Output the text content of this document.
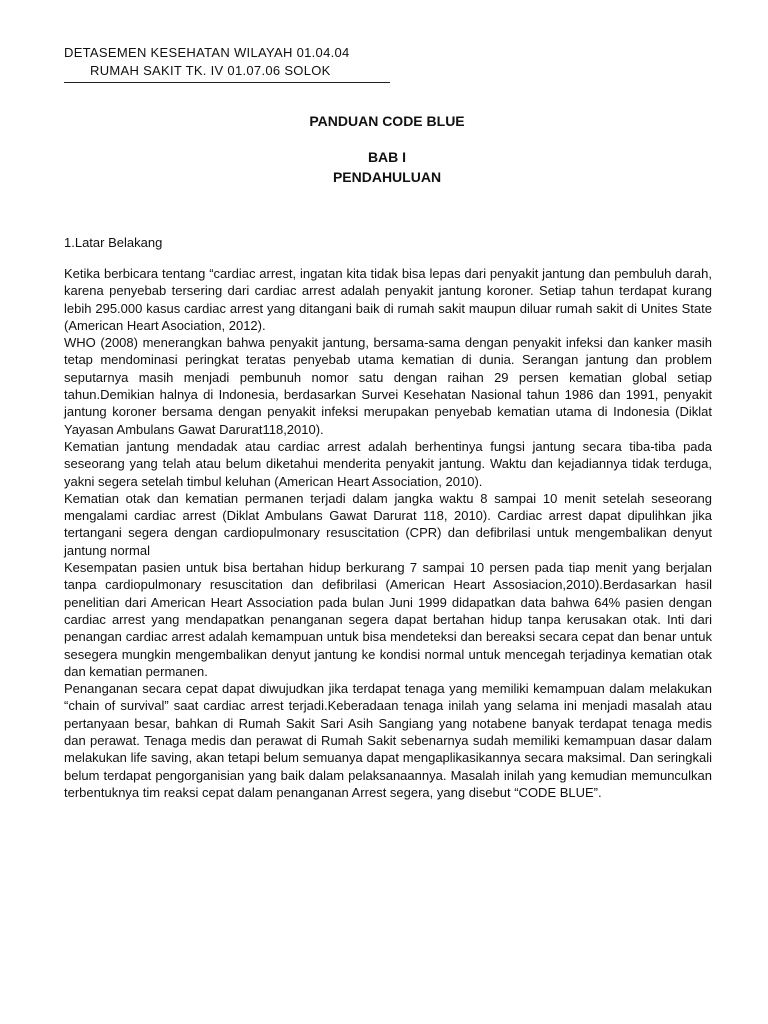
DETASEMEN KESEHATAN WILAYAH 01.04.04
RUMAH SAKIT TK. IV 01.07.06 SOLOK
PANDUAN CODE BLUE
BAB I
PENDAHULUAN
1.Latar Belakang

Ketika berbicara tentang “cardiac arrest, ingatan kita tidak bisa lepas dari penyakit jantung dan pembuluh darah, karena penyebab tersering dari cardiac arrest adalah penyakit jantung koroner. Setiap tahun terdapat kurang lebih 295.000 kasus cardiac arrest yang ditangani baik di rumah sakit maupun diluar rumah sakit di Unites State (American Heart Asociation, 2012).

WHO (2008) menerangkan bahwa penyakit jantung, bersama-sama dengan penyakit infeksi dan kanker masih tetap mendominasi peringkat teratas penyebab utama kematian di dunia. Serangan jantung dan problem seputarnya masih menjadi pembunuh nomor satu dengan raihan 29 persen kematian global setiap tahun.Demikian halnya di Indonesia, berdasarkan Survei Kesehatan Nasional tahun 1986 dan 1991, penyakit jantung koroner bersama dengan penyakit infeksi merupakan penyebab kematian utama di Indonesia (Diklat Yayasan Ambulans Gawat Darurat118,2010).

Kematian jantung mendadak atau cardiac arrest adalah berhentinya fungsi jantung secara tiba-tiba pada seseorang yang telah atau belum diketahui menderita penyakit jantung. Waktu dan kejadiannya tidak terduga, yakni segera setelah timbul keluhan (American Heart Association, 2010).

Kematian otak dan kematian permanen terjadi dalam jangka waktu 8 sampai 10 menit setelah seseorang mengalami cardiac arrest (Diklat Ambulans Gawat Darurat 118, 2010). Cardiac arrest dapat dipulihkan jika tertangani segera dengan cardiopulmonary resuscitation (CPR) dan defibrilasi untuk mengembalikan denyut jantung normal

Kesempatan pasien untuk bisa bertahan hidup berkurang 7 sampai 10 persen pada tiap menit yang berjalan tanpa cardiopulmonary resuscitation dan defibrilasi (American Heart Assosiacion,2010).Berdasarkan hasil penelitian dari American Heart Association pada bulan Juni 1999 didapatkan data bahwa 64% pasien dengan cardiac arrest yang mendapatkan penanganan segera dapat bertahan hidup tanpa kerusakan otak. Inti dari penangan cardiac arrest adalah kemampuan untuk bisa mendeteksi dan bereaksi secara cepat dan benar untuk sesegera mungkin mengembalikan denyut jantung ke kondisi normal untuk mencegah terjadinya kematian otak dan kematian permanen.

Penanganan secara cepat dapat diwujudkan jika terdapat tenaga yang memiliki kemampuan dalam melakukan “chain of survival” saat cardiac arrest terjadi.Keberadaan tenaga inilah yang selama ini menjadi masalah atau pertanyaan besar, bahkan di Rumah Sakit Sari Asih Sangiang yang notabene banyak terdapat tenaga medis dan perawat. Tenaga medis dan perawat di Rumah Sakit sebenarnya sudah memiliki kemampuan dasar dalam melakukan life saving, akan tetapi belum semuanya dapat mengaplikasikannya secara maksimal. Dan seringkali belum terdapat pengorganisian yang baik dalam pelaksanaannya. Masalah inilah yang kemudian memunculkan terbentuknya tim reaksi cepat dalam penanganan Arrest segera, yang disebut “CODE BLUE”.
